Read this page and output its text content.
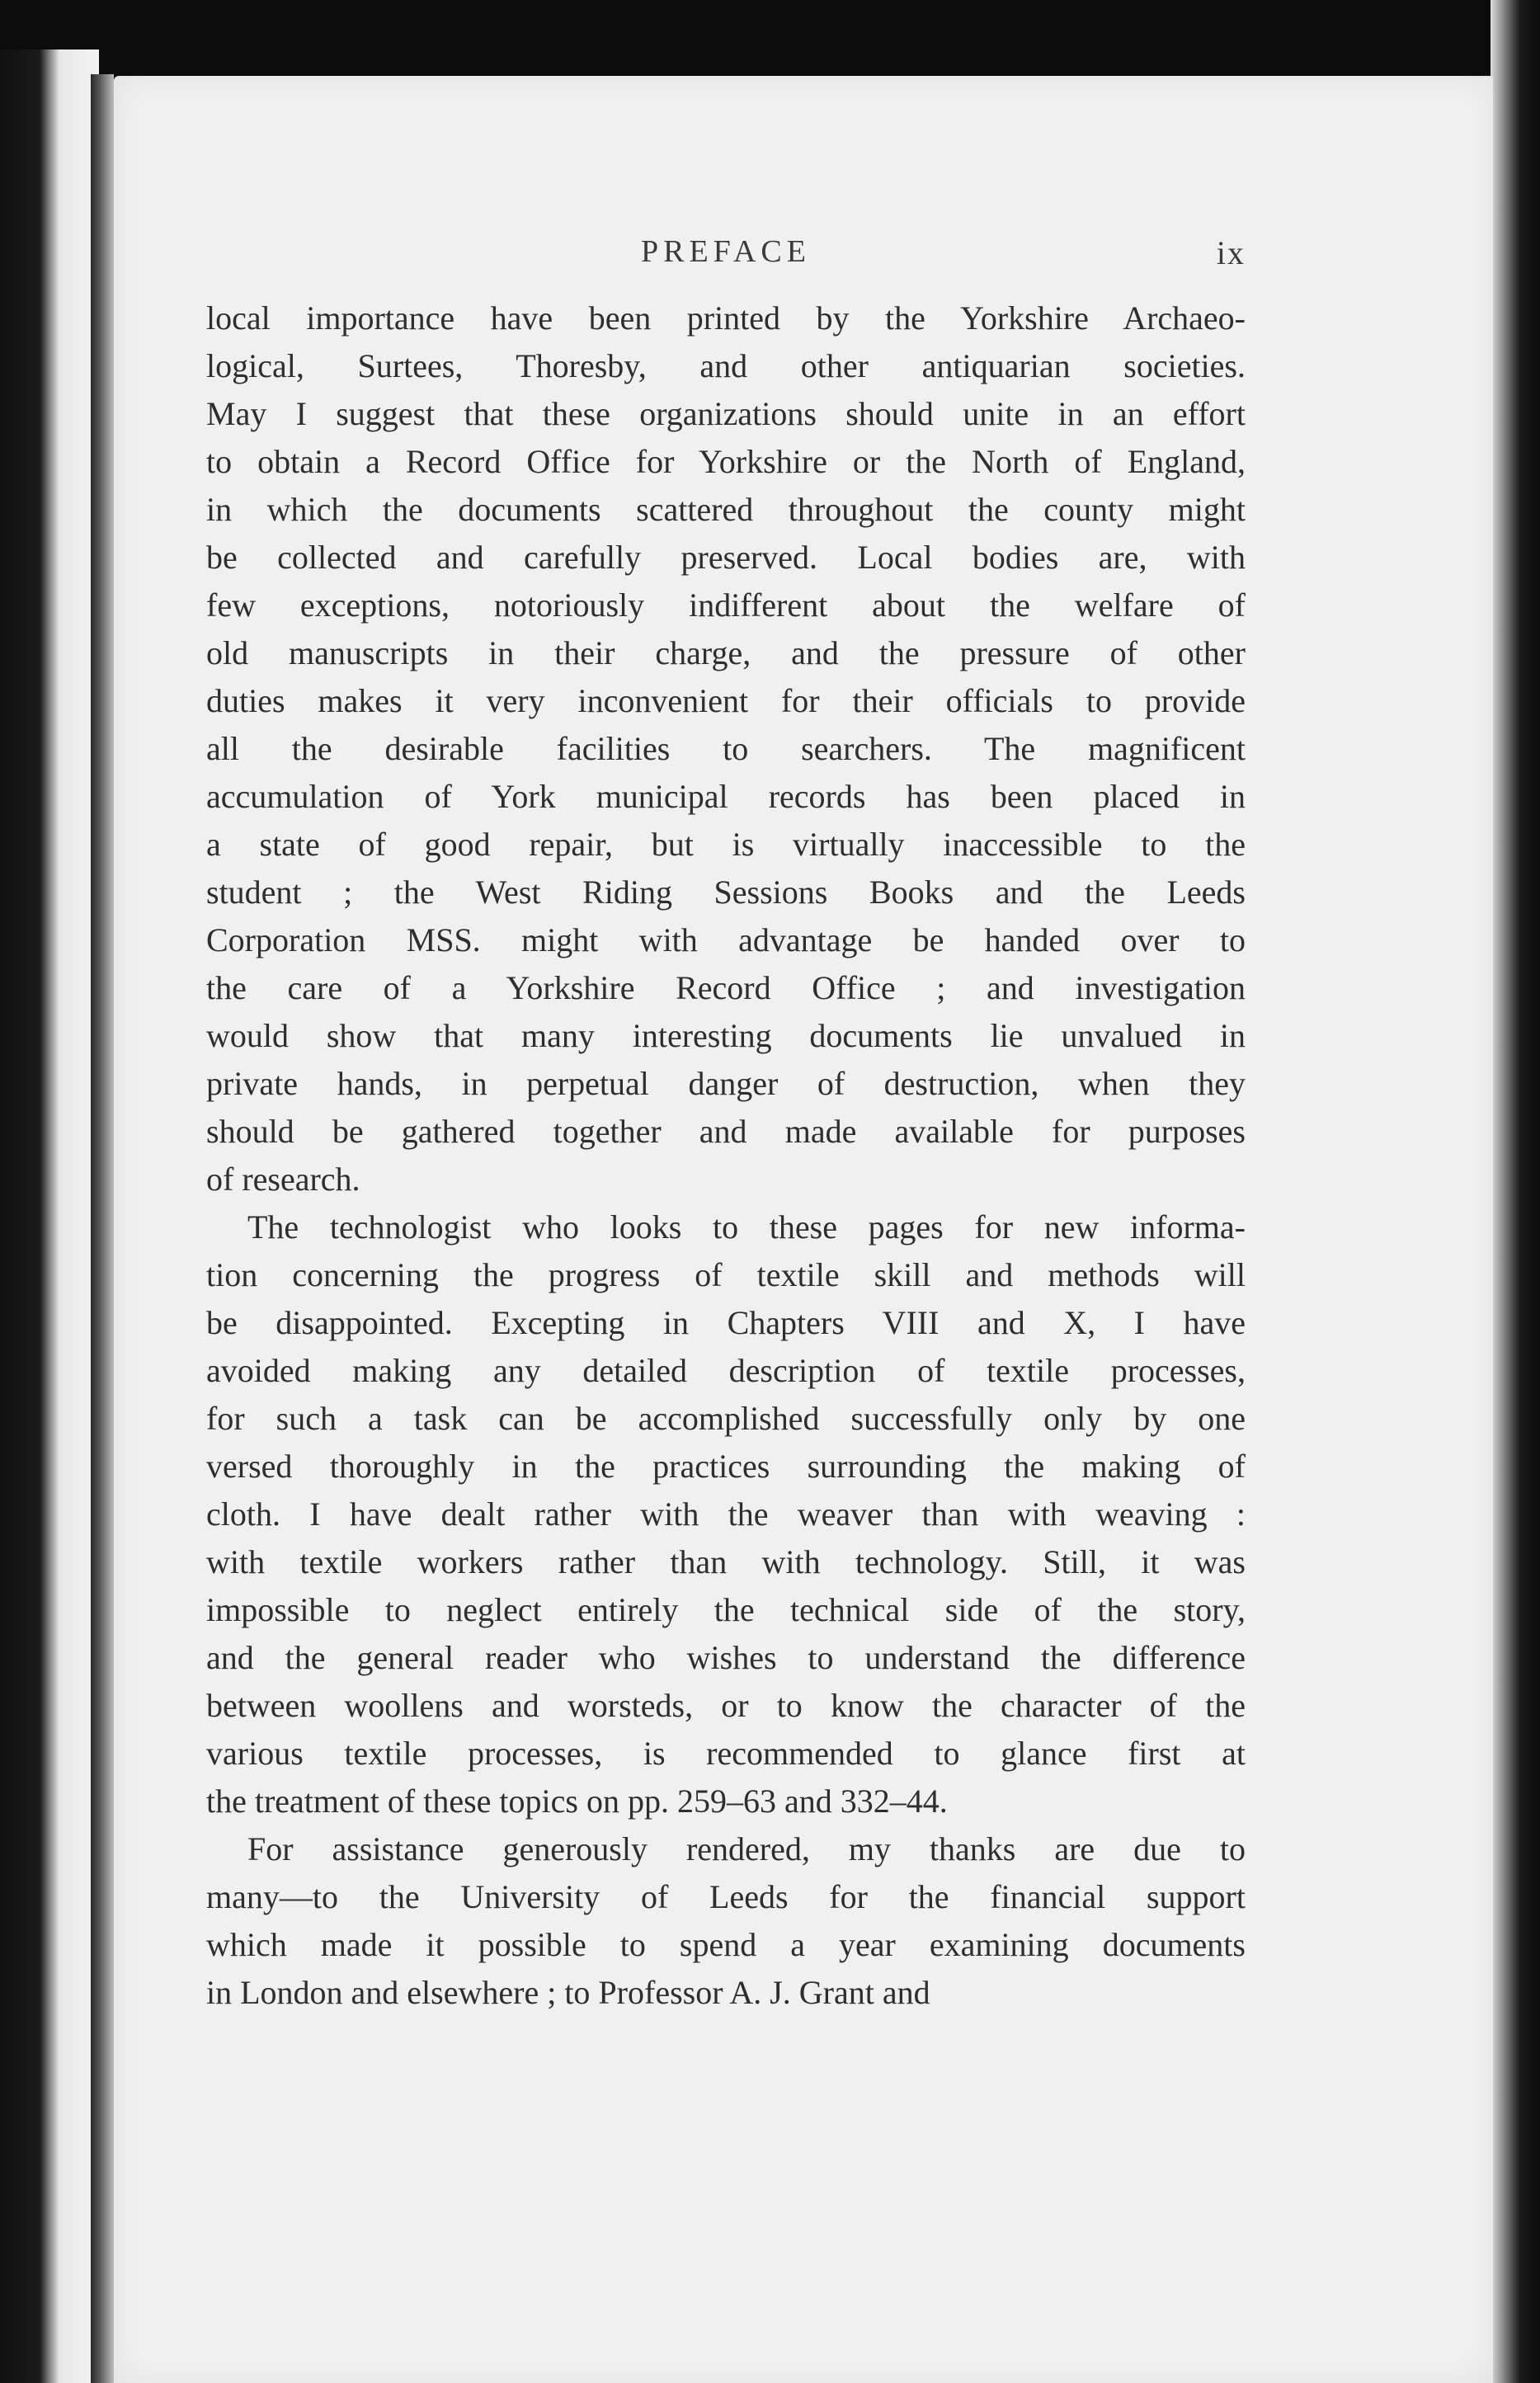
PREFACE	ix
local importance have been printed by the Yorkshire Archaeo-
logical, Surtees, Thoresby, and other antiquarian societies.
May I suggest that these organizations should unite in an effort
to obtain a Record Office for Yorkshire or the North of England,
in which the documents scattered throughout the county might
be collected and carefully preserved. Local bodies are, with
few exceptions, notoriously indifferent about the welfare of
old manuscripts in their charge, and the pressure of other
duties makes it very inconvenient for their officials to provide
all the desirable facilities to searchers. The magnificent
accumulation of York municipal records has been placed in
a state of good repair, but is virtually inaccessible to the
student ; the West Riding Sessions Books and the Leeds
Corporation MSS. might with advantage be handed over to
the care of a Yorkshire Record Office ; and investigation
would show that many interesting documents lie unvalued in
private hands, in perpetual danger of destruction, when they
should be gathered together and made available for purposes
of research.
The technologist who looks to these pages for new informa-
tion concerning the progress of textile skill and methods will
be disappointed. Excepting in Chapters VIII and X, I have
avoided making any detailed description of textile processes,
for such a task can be accomplished successfully only by one
versed thoroughly in the practices surrounding the making of
cloth. I have dealt rather with the weaver than with weaving :
with textile workers rather than with technology. Still, it was
impossible to neglect entirely the technical side of the story,
and the general reader who wishes to understand the difference
between woollens and worsteds, or to know the character of the
various textile processes, is recommended to glance first at
the treatment of these topics on pp. 259–63 and 332–44.
For assistance generously rendered, my thanks are due to
many—to the University of Leeds for the financial support
which made it possible to spend a year examining documents
in London and elsewhere ; to Professor A. J. Grant and
